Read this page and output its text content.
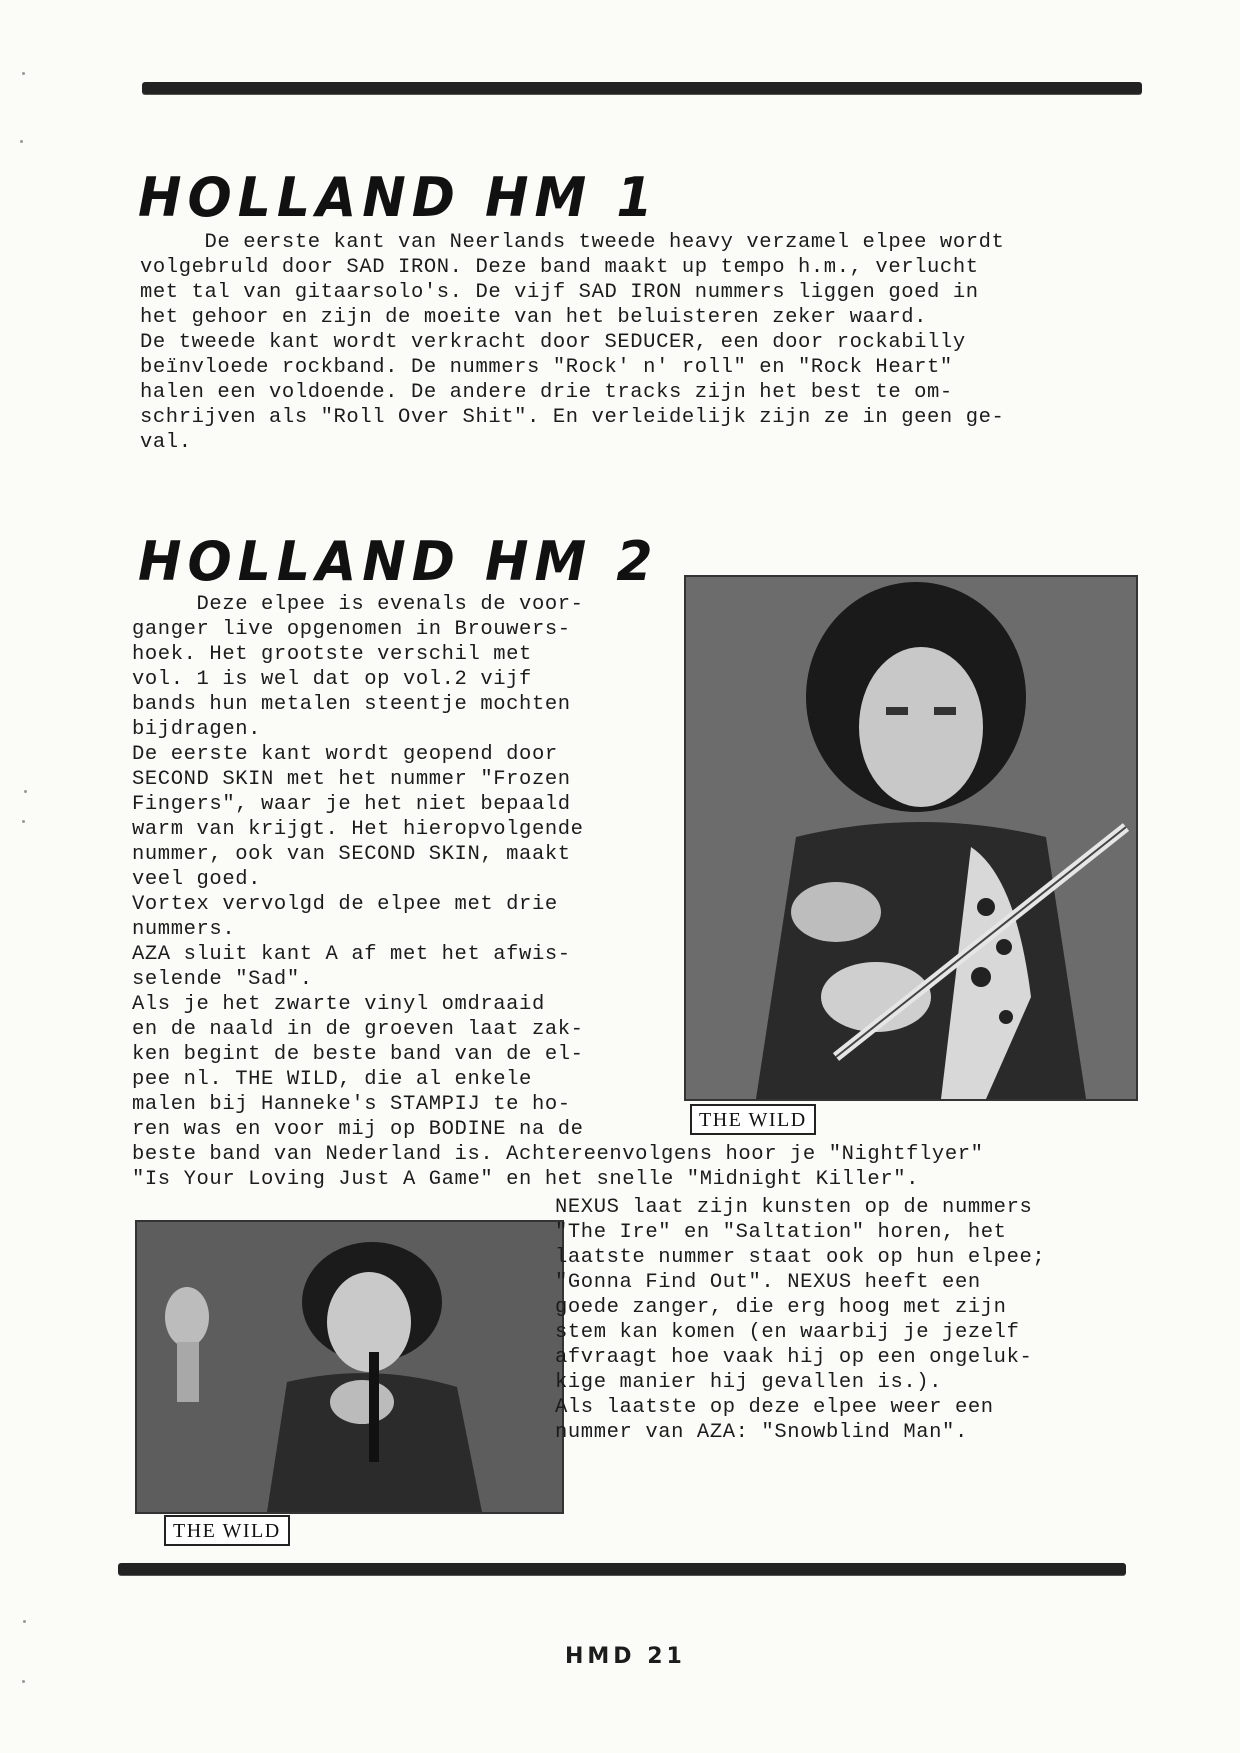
HOLLAND HM 1

De eerste kant van Neerlands tweede heavy verzamel elpee wordt
volgebruld door SAD IRON. Deze band maakt up tempo h.m., verlucht
met tal van gitaarsolo's. De vijf SAD IRON nummers liggen goed in
het gehoor en zijn de moeite van het beluisteren zeker waard.
De tweede kant wordt verkracht door SEDUCER, een door rockabilly
beïnvloede rockband. De nummers "Rock' n' roll" en "Rock Heart"
halen een voldoende. De andere drie tracks zijn het best te om-
schrijven als "Roll Over Shit". En verleidelijk zijn ze in geen ge-
val.

HOLLAND HM 2

Deze elpee is evenals de voor-
ganger live opgenomen in Brouwers-
hoek. Het grootste verschil met
vol. 1 is wel dat op vol.2 vijf
bands hun metalen steentje mochten
bijdragen.
De eerste kant wordt geopend door
SECOND SKIN met het nummer "Frozen
Fingers", waar je het niet bepaald
warm van krijgt. Het hieropvolgende
nummer, ook van SECOND SKIN, maakt
veel goed.
Vortex vervolgd de elpee met drie
nummers.
AZA sluit kant A af met het afwis-
selende "Sad".
Als je het zwarte vinyl omdraaid
en de naald in de groeven laat zak-
ken begint de beste band van de el-
pee nl. THE WILD, die al enkele
malen bij Hanneke's STAMPIJ te ho-
ren was en voor mij op BODINE na de
beste band van Nederland is. Achtereenvolgens hoor je "Nightflyer"
"Is Your Loving Just A Game" en het snelle "Midnight Killer".

THE WILD
THE WILD

NEXUS laat zijn kunsten op de nummers
"The Ire" en "Saltation" horen, het
laatste nummer staat ook op hun elpee;
"Gonna Find Out". NEXUS heeft een
goede zanger, die erg hoog met zijn
stem kan komen (en waarbij je jezelf
afvraagt hoe vaak hij op een ongeluk-
kige manier hij gevallen is.).
Als laatste op deze elpee weer een
nummer van AZA: "Snowblind Man".

HMD 21
